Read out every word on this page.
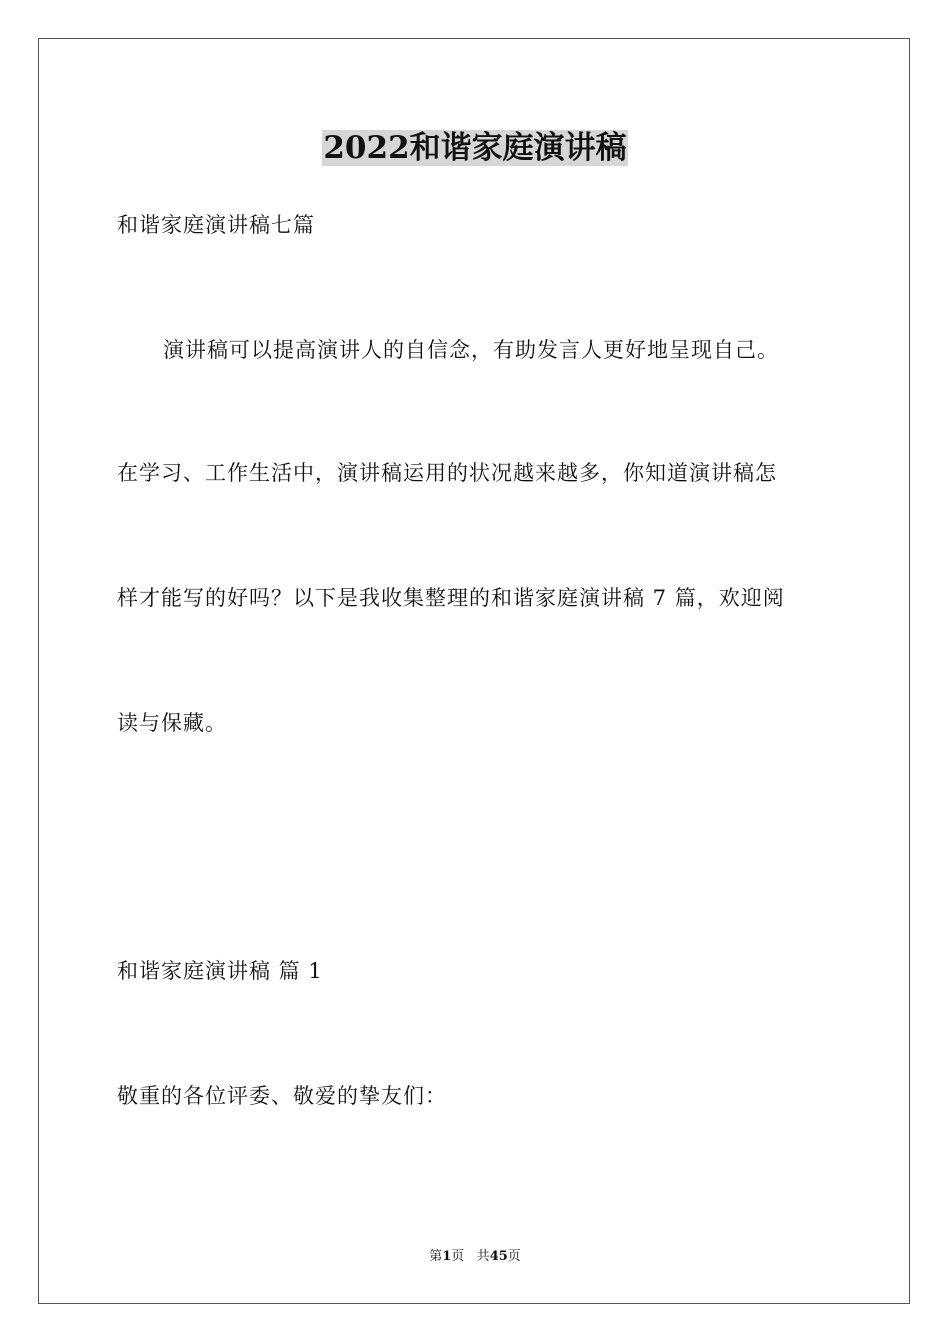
2022和谐家庭演讲稿
和谐家庭演讲稿七篇
演讲稿可以提高演讲人的自信念，有助发言人更好地呈现自己。
在学习、工作生活中，演讲稿运用的状况越来越多，你知道演讲稿怎
样才能写的好吗？以下是我收集整理的和谐家庭演讲稿 7 篇，欢迎阅
读与保藏。
和谐家庭演讲稿 篇 1
敬重的各位评委、敬爱的挚友们：
第1页 共45页
